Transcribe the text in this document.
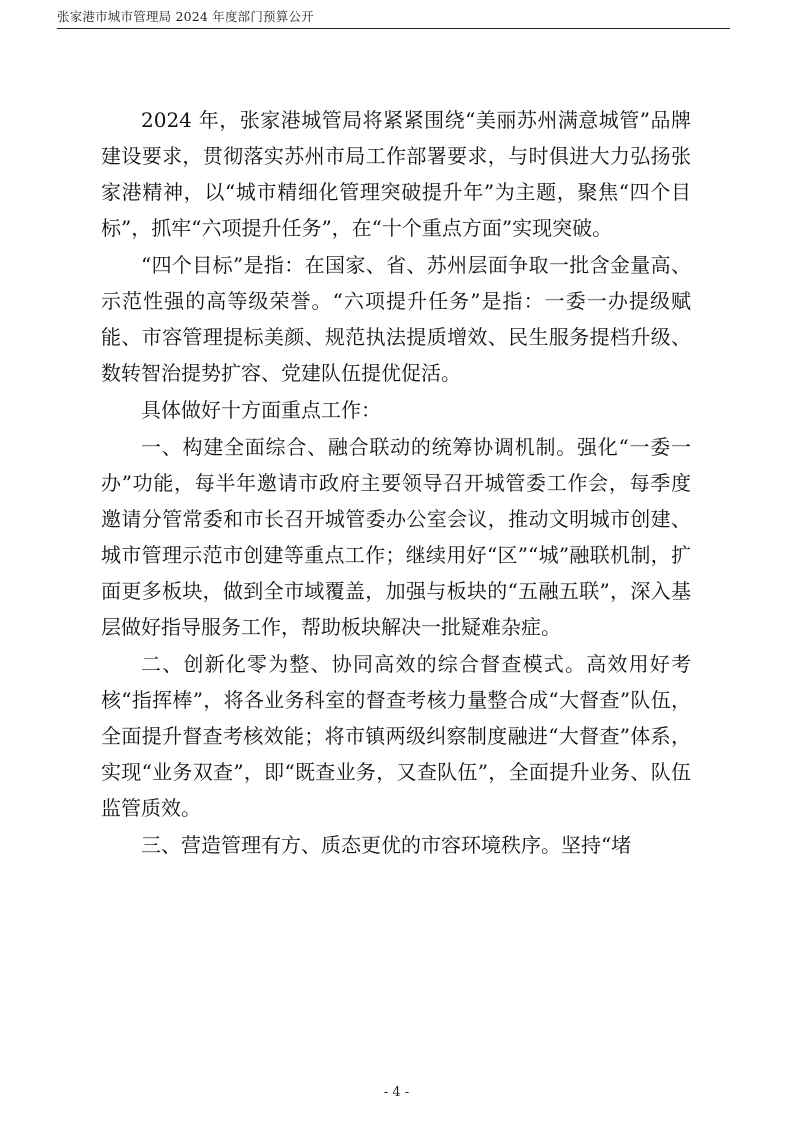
张家港市城市管理局 2024 年度部门预算公开

2024 年，张家港城管局将紧紧围绕“美丽苏州满意城管”品牌建设要求，贯彻落实苏州市局工作部署要求，与时俱进大力弘扬张家港精神，以“城市精细化管理突破提升年”为主题，聚焦“四个目标”，抓牢“六项提升任务”，在“十个重点方面”实现突破。

“四个目标”是指：在国家、省、苏州层面争取一批含金量高、示范性强的高等级荣誉。“六项提升任务”是指：一委一办提级赋能、市容管理提标美颜、规范执法提质增效、民生服务提档升级、数转智治提势扩容、党建队伍提优促活。

具体做好十方面重点工作：

一、构建全面综合、融合联动的统筹协调机制。强化“一委一办”功能，每半年邀请市政府主要领导召开城管委工作会，每季度邀请分管常委和市长召开城管委办公室会议，推动文明城市创建、城市管理示范市创建等重点工作；继续用好“区”“城”融联机制，扩面更多板块，做到全市域覆盖，加强与板块的“五融五联”，深入基层做好指导服务工作，帮助板块解决一批疑难杂症。

二、创新化零为整、协同高效的综合督查模式。高效用好考核“指挥棒”，将各业务科室的督查考核力量整合成“大督查”队伍，全面提升督查考核效能；将市镇两级纠察制度融进“大督查”体系，实现“业务双查”，即“既查业务，又查队伍”，全面提升业务、队伍监管质效。

三、营造管理有方、质态更优的市容环境秩序。坚持“堵

- 4 -
